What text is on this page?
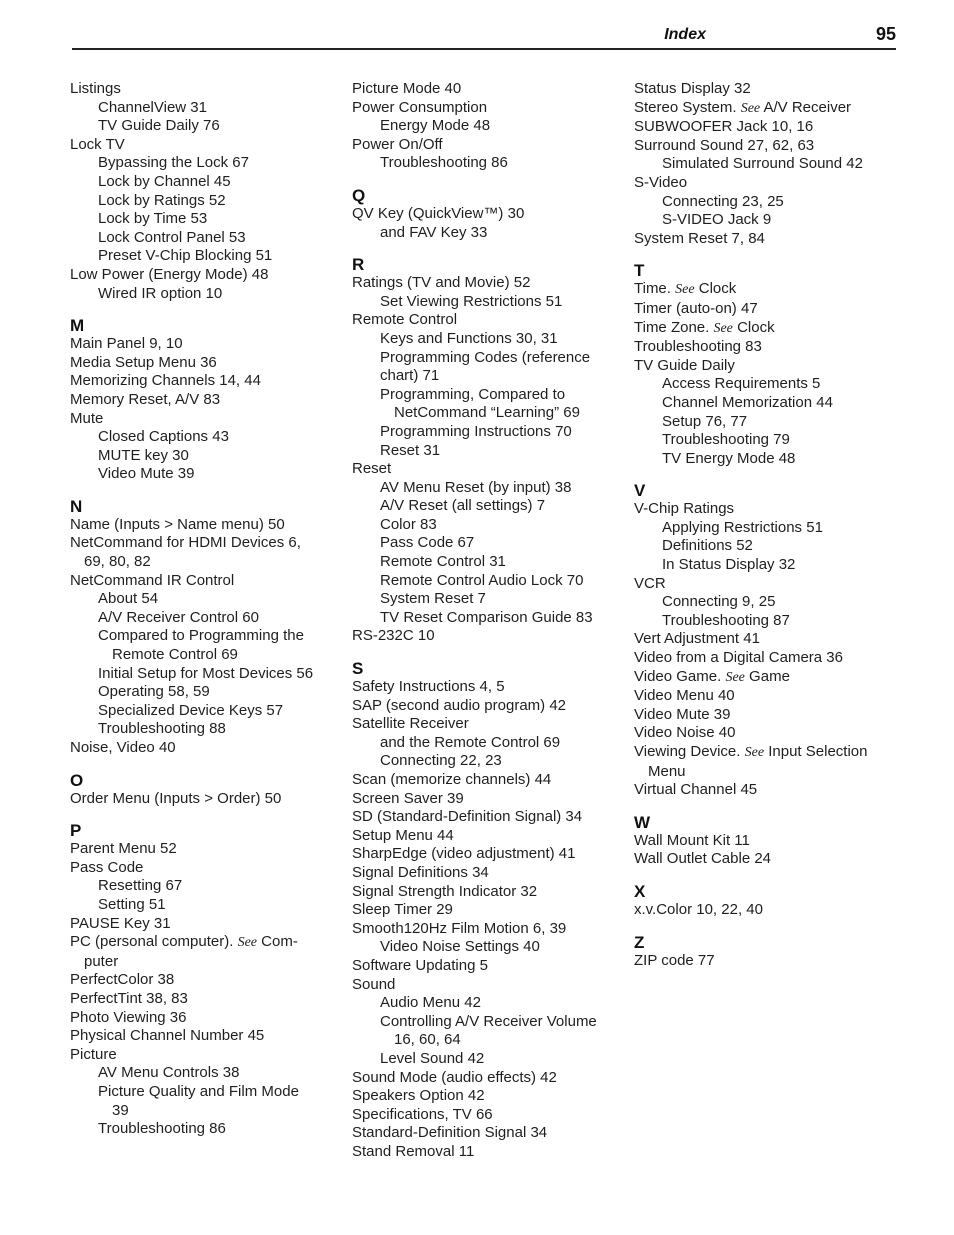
Index	95
Listings
ChannelView 31
TV Guide Daily 76
Lock TV
Bypassing the Lock 67
Lock by Channel 45
Lock by Ratings 52
Lock by Time 53
Lock Control Panel 53
Preset V-Chip Blocking 51
Low Power (Energy Mode) 48
Wired IR option 10
M
Main Panel 9, 10
Media Setup Menu 36
Memorizing Channels 14, 44
Memory Reset, A/V 83
Mute
Closed Captions 43
MUTE key 30
Video Mute 39
N
Name (Inputs > Name menu) 50
NetCommand for HDMI Devices 6,
69, 80, 82
NetCommand IR Control
About 54
A/V Receiver Control 60
Compared to Programming the
Remote Control 69
Initial Setup for Most Devices 56
Operating 58, 59
Specialized Device Keys 57
Troubleshooting 88
Noise, Video 40
O
Order Menu (Inputs > Order) 50
P
Parent Menu 52
Pass Code
Resetting 67
Setting 51
PAUSE Key 31
PC (personal computer). See Com-
puter
PerfectColor 38
PerfectTint 38, 83
Photo Viewing 36
Physical Channel Number 45
Picture
AV Menu Controls 38
Picture Quality and Film Mode
39
Troubleshooting 86
Picture Mode 40
Power Consumption
Energy Mode 48
Power On/Off
Troubleshooting 86
Q
QV Key (QuickView™) 30
and FAV Key 33
R
Ratings (TV and Movie) 52
Set Viewing Restrictions 51
Remote Control
Keys and Functions 30, 31
Programming Codes (reference
chart) 71
Programming, Compared to
NetCommand “Learning” 69
Programming Instructions 70
Reset 31
Reset
AV Menu Reset (by input) 38
A/V Reset (all settings) 7
Color 83
Pass Code 67
Remote Control 31
Remote Control Audio Lock 70
System Reset 7
TV Reset Comparison Guide 83
RS-232C 10
S
Safety Instructions 4, 5
SAP (second audio program) 42
Satellite Receiver
and the Remote Control 69
Connecting 22, 23
Scan (memorize channels) 44
Screen Saver 39
SD (Standard-Definition Signal) 34
Setup Menu 44
SharpEdge (video adjustment) 41
Signal Definitions 34
Signal Strength Indicator 32
Sleep Timer 29
Smooth120Hz Film Motion 6, 39
Video Noise Settings 40
Software Updating 5
Sound
Audio Menu 42
Controlling A/V Receiver Volume
16, 60, 64
Level Sound 42
Sound Mode (audio effects) 42
Speakers Option 42
Specifications, TV 66
Standard-Definition Signal 34
Stand Removal 11
Status Display 32
Stereo System. See A/V Receiver
SUBWOOFER Jack 10, 16
Surround Sound 27, 62, 63
Simulated Surround Sound 42
S-Video
Connecting 23, 25
S-VIDEO Jack 9
System Reset 7, 84
T
Time. See Clock
Timer (auto-on) 47
Time Zone. See Clock
Troubleshooting 83
TV Guide Daily
Access Requirements 5
Channel Memorization 44
Setup 76, 77
Troubleshooting 79
TV Energy Mode 48
V
V-Chip Ratings
Applying Restrictions 51
Definitions 52
In Status Display 32
VCR
Connecting 9, 25
Troubleshooting 87
Vert Adjustment 41
Video from a Digital Camera 36
Video Game. See Game
Video Menu 40
Video Mute 39
Video Noise 40
Viewing Device. See Input Selection
Menu
Virtual Channel 45
W
Wall Mount Kit 11
Wall Outlet Cable 24
X
x.v.Color 10, 22, 40
Z
ZIP code 77
